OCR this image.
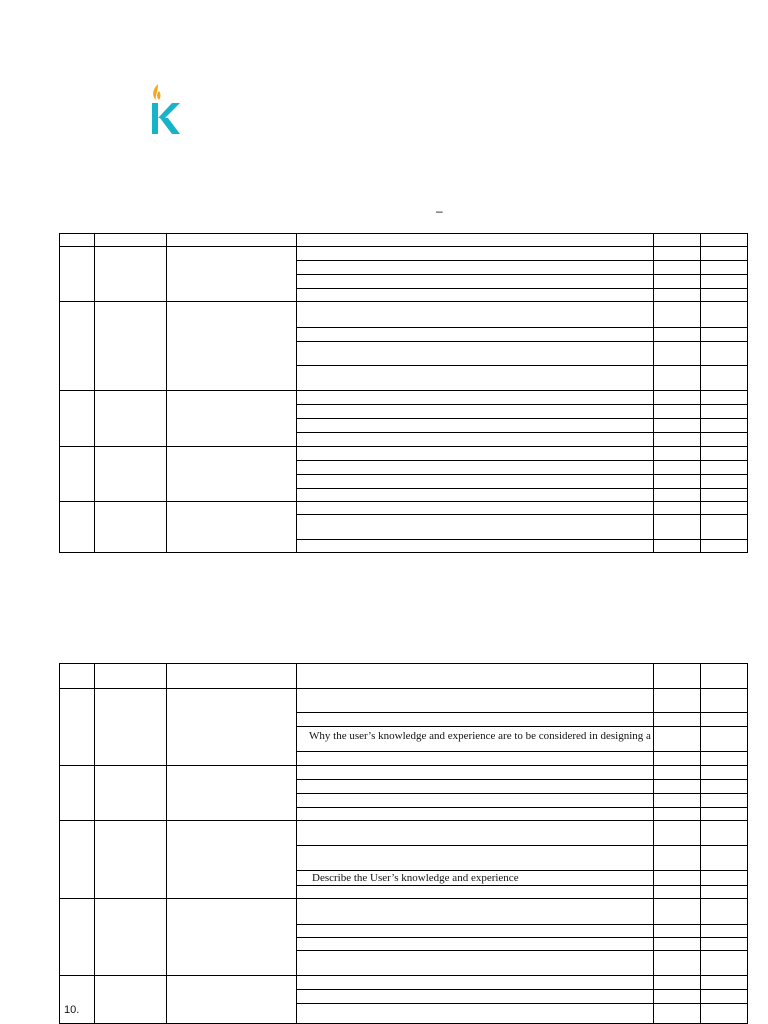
–

			Why the user’s knowledge and experience are to be considered in designing a		

			Describe the User’s knowledge and experience		

10.
